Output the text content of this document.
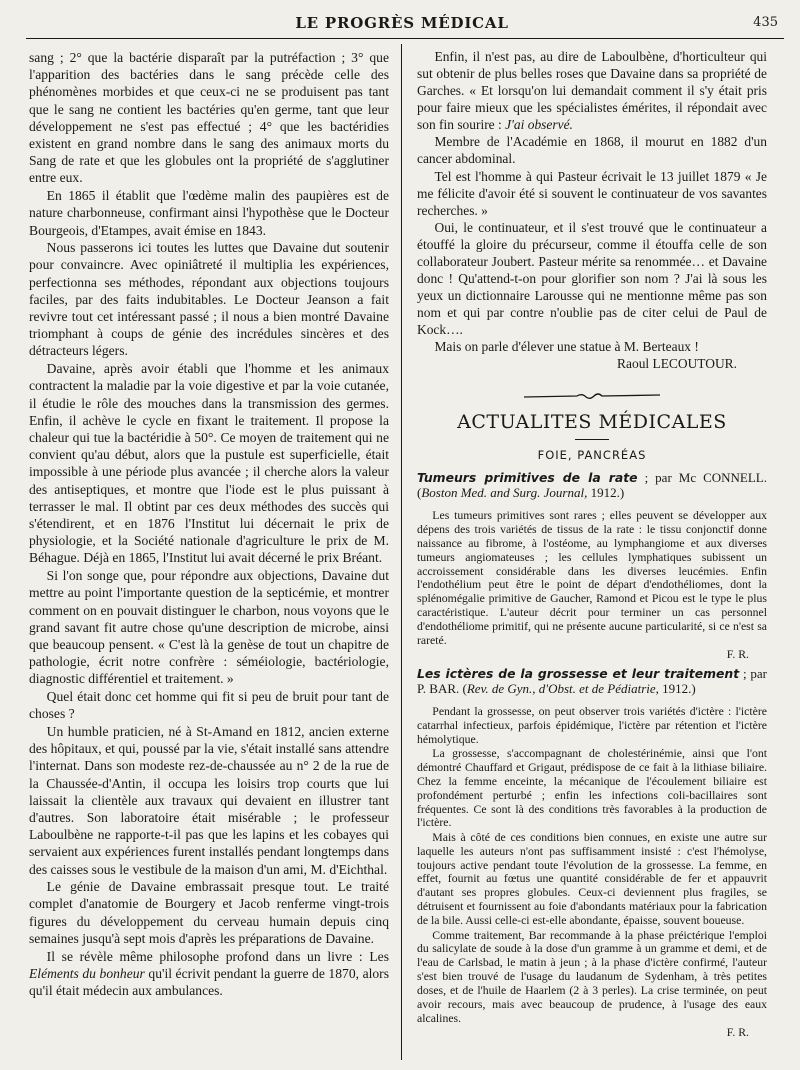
LE PROGRÈS MÉDICAL	435

sang ; 2° que la bactérie disparaît par la putréfaction ; 3° que l'apparition des bactéries dans le sang précède celle des phénomènes morbides et que ceux-ci ne se produisent pas tant que le sang ne contient les bactéries qu'en germe, tant que leur développement ne s'est pas effectué ; 4° que les bactéridies existent en grand nombre dans le sang des animaux morts du Sang de rate et que les globules ont la propriété de s'agglutiner entre eux.

En 1865 il établit que l'œdème malin des paupières est de nature charbonneuse, confirmant ainsi l'hypothèse que le Docteur Bourgeois, d'Etampes, avait émise en 1843.

Nous passerons ici toutes les luttes que Davaine dut soutenir pour convaincre. Avec opiniâtreté il multiplia les expériences, perfectionna ses méthodes, répondant aux objections toujours faciles, par des faits indubitables. Le Docteur Jeanson a fait revivre tout cet intéressant passé ; il nous a bien montré Davaine triomphant à coups de génie des incrédules sincères et des détracteurs légers.

Davaine, après avoir établi que l'homme et les animaux contractent la maladie par la voie digestive et par la voie cutanée, il étudie le rôle des mouches dans la transmission des germes. Enfin, il achève le cycle en fixant le traitement. Il propose la chaleur qui tue la bactéridie à 50°. Ce moyen de traitement qui ne convient qu'au début, alors que la pustule est superficielle, était impossible à une période plus avancée ; il cherche alors la valeur des antiseptiques, et montre que l'iode est le plus puissant à terrasser le mal. Il obtint par ces deux méthodes des succès qui s'étendirent, et en 1876 l'Institut lui décernait le prix de physiologie, et la Société nationale d'agriculture le prix de M. Béhague. Déjà en 1865, l'Institut lui avait décerné le prix Bréant.

Si l'on songe que, pour répondre aux objections, Davaine dut mettre au point l'importante question de la septicémie, et montrer comment on en pouvait distinguer le charbon, nous voyons que le grand savant fit autre chose qu'une description de microbe, ainsi que beaucoup pensent. « C'est là la genèse de tout un chapitre de pathologie, écrit notre confrère : séméiologie, bactériologie, diagnostic différentiel et traitement. »

Quel était donc cet homme qui fit si peu de bruit pour tant de choses ?

Un humble praticien, né à St-Amand en 1812, ancien externe des hôpitaux, et qui, poussé par la vie, s'était installé sans attendre l'internat. Dans son modeste rez-de-chaussée au n° 2 de la rue de la Chaussée-d'Antin, il occupa les loisirs trop courts que lui laissait la clientèle aux travaux qui devaient en illustrer tant d'autres. Son laboratoire était misérable ; le professeur Laboulbène ne rapporte-t-il pas que les lapins et les cobayes qui servaient aux expériences furent installés pendant longtemps dans des caisses sous le vestibule de la maison d'un ami, M. d'Eichthal.

Le génie de Davaine embrassait presque tout. Le traité complet d'anatomie de Bourgery et Jacob renferme vingt-trois figures du développement du cerveau humain depuis cinq semaines jusqu'à sept mois d'après les préparations de Davaine.

Il se révèle même philosophe profond dans un livre : Les Eléments du bonheur qu'il écrivit pendant la guerre de 1870, alors qu'il était médecin aux ambulances.

Enfin, il n'est pas, au dire de Laboulbène, d'horticulteur qui sut obtenir de plus belles roses que Davaine dans sa propriété de Garches. « Et lorsqu'on lui demandait comment il s'y était pris pour faire mieux que les spécialistes émérites, il répondait avec son fin sourire : J'ai observé.

Membre de l'Académie en 1868, il mourut en 1882 d'un cancer abdominal.

Tel est l'homme à qui Pasteur écrivait le 13 juillet 1879 « Je me félicite d'avoir été si souvent le continuateur de vos savantes recherches. »

Oui, le continuateur, et il s'est trouvé que le continuateur a étouffé la gloire du précurseur, comme il étouffa celle de son collaborateur Joubert. Pasteur mérite sa renommée… et Davaine donc ! Qu'attend-t-on pour glorifier son nom ? J'ai là sous les yeux un dictionnaire Larousse qui ne mentionne même pas son nom et qui par contre n'oublie pas de citer celui de Paul de Kock….

Mais on parle d'élever une statue à M. Berteaux !

Raoul LECOUTOUR.
ACTUALITES MÉDICALES
FOIE, PANCRÉAS
Tumeurs primitives de la rate ; par Mc CONNELL. (Boston Med. and Surg. Journal, 1912.)

Les tumeurs primitives sont rares ; elles peuvent se développer aux dépens des trois variétés de tissus de la rate : le tissu conjonctif donne naissance au fibrome, à l'ostéome, au lymphangiome et aux diverses tumeurs angiomateuses ; les cellules lymphatiques subissent un accroissement considérable dans les diverses leucémies. Enfin l'endothélium peut être le point de départ d'endothéliomes, dont la splénomégalie primitive de Gaucher, Ramond et Picou est le type le plus caractéristique. L'auteur décrit pour terminer un cas personnel d'endothéliome primitif, qui ne présente aucune particularité, si ce n'est sa rareté.

F. R.
Les ictères de la grossesse et leur traitement ; par P. BAR. (Rev. de Gyn., d'Obst. et de Pédiatrie, 1912.)

Pendant la grossesse, on peut observer trois variétés d'ictère : l'ictère catarrhal infectieux, parfois épidémique, l'ictère par rétention et l'ictère hémolytique.

La grossesse, s'accompagnant de cholestérinémie, ainsi que l'ont démontré Chauffard et Grigaut, prédispose de ce fait à la lithiase biliaire. Chez la femme enceinte, la mécanique de l'écoulement biliaire est profondément perturbé ; enfin les infections coli-bacillaires sont fréquentes. Ce sont là des conditions très favorables à la production de l'ictère.

Mais à côté de ces conditions bien connues, en existe une autre sur laquelle les auteurs n'ont pas suffisamment insisté : c'est l'hémolyse, toujours active pendant toute l'évolution de la grossesse. La femme, en effet, fournit au fœtus une quantité considérable de fer et appauvrit d'autant ses propres globules. Ceux-ci deviennent plus fragiles, se détruisent et fournissent au foie d'abondants matériaux pour la fabrication de la bile. Aussi celle-ci est-elle abondante, épaisse, souvent boueuse.

Comme traitement, Bar recommande à la phase préictérique l'emploi du salicylate de soude à la dose d'un gramme à un gramme et demi, et de l'eau de Carlsbad, le matin à jeun ; à la phase d'ictère confirmé, l'auteur s'est bien trouvé de l'usage du laudanum de Sydenham, à très petites doses, et de l'huile de Haarlem (2 à 3 perles). La crise terminée, on peut avoir recours, mais avec beaucoup de prudence, à l'usage des eaux alcalines.

F. R.
